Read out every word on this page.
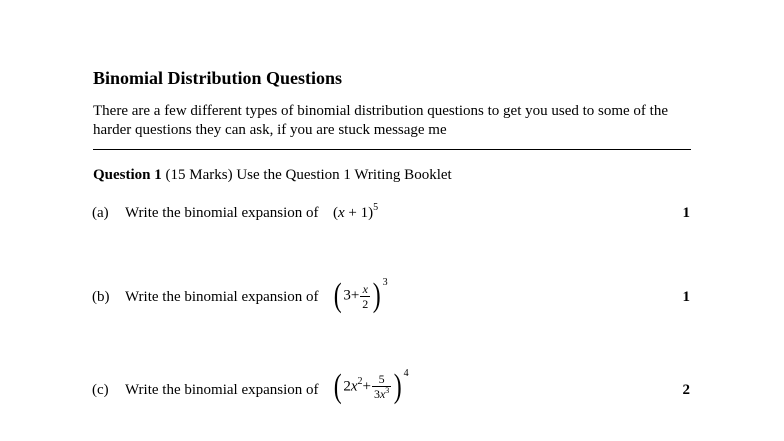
Binomial Distribution Questions
There are a few different types of binomial distribution questions to get you used to some of the harder questions they can ask, if you are stuck message me
Question 1 (15 Marks) Use the Question 1 Writing Booklet
(a) Write the binomial expansion of	1
$(x + 1)^5$
(b) Write the binomial expansion of	1
( $3+ \frac{x}{2}$ ) $^3$
(c) Write the binomial expansion of	2
( $2x^2+ \frac{5}{3x^3}$ ) $^4$
